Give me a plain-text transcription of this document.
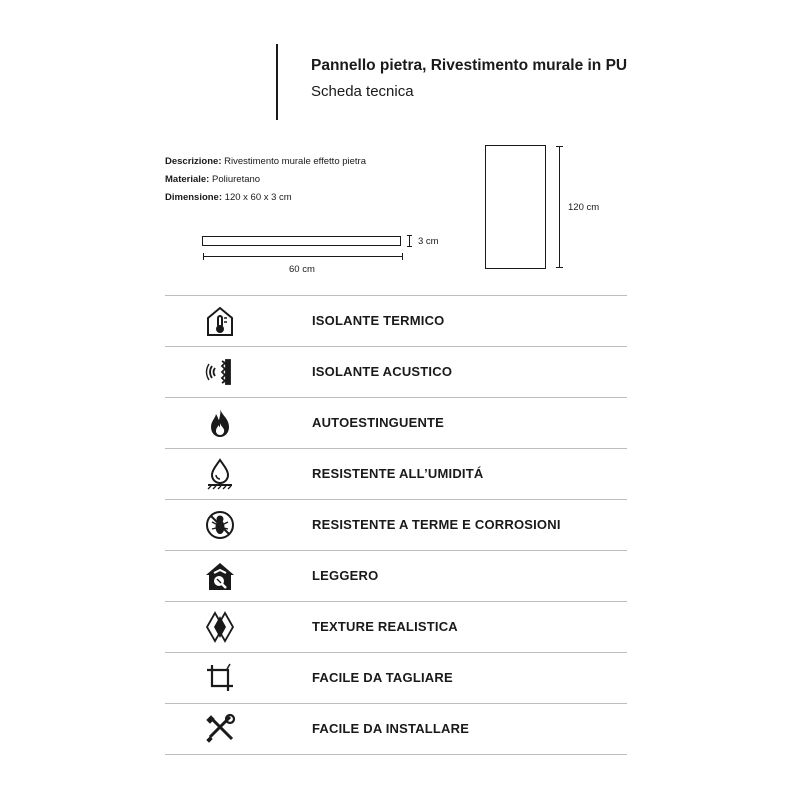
Pannello pietra, Rivestimento murale in PU
Scheda tecnica
Descrizione: Rivestimento murale effetto pietra
Materiale: Poliuretano
Dimensione: 120 x 60 x 3 cm
60 cm
3 cm
120 cm
ISOLANTE TERMICO
ISOLANTE ACUSTICO
AUTOESTINGUENTE
RESISTENTE ALL’UMIDITÁ
RESISTENTE A TERME E CORROSIONI
LEGGERO
TEXTURE REALISTICA
FACILE DA TAGLIARE
FACILE DA INSTALLARE
